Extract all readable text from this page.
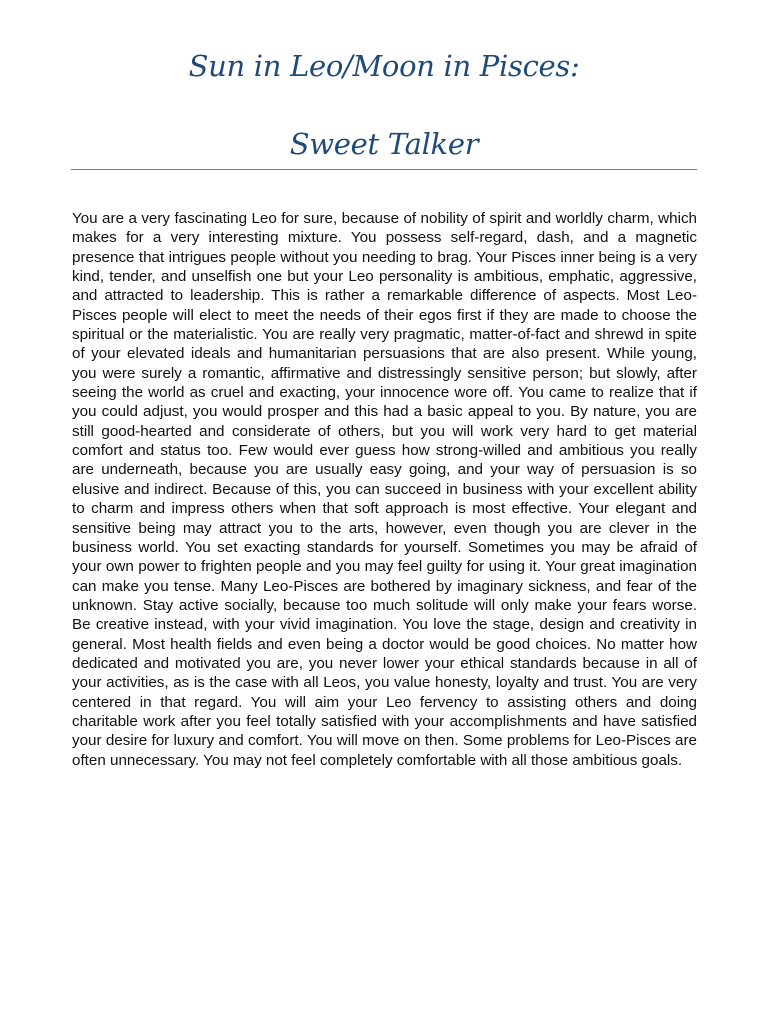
Sun in Leo/Moon in Pisces:

Sweet Talker

You are a very fascinating Leo for sure, because of nobility of spirit and worldly charm, which makes for a very interesting mixture. You possess self-regard, dash, and a magnetic presence that intrigues people without you needing to brag. Your Pisces inner being is a very kind, tender, and unselfish one but your Leo personality is ambitious, emphatic, aggressive, and attracted to leadership. This is rather a remarkable difference of aspects. Most Leo-Pisces people will elect to meet the needs of their egos first if they are made to choose the spiritual or the materialistic. You are really very pragmatic, matter-of-fact and shrewd in spite of your elevated ideals and humanitarian persuasions that are also present. While young, you were surely a romantic, affirmative and distressingly sensitive person; but slowly, after seeing the world as cruel and exacting, your innocence wore off. You came to realize that if you could adjust, you would prosper and this had a basic appeal to you. By nature, you are still good-hearted and considerate of others, but you will work very hard to get material comfort and status too. Few would ever guess how strong-willed and ambitious you really are underneath, because you are usually easy going, and your way of persuasion is so elusive and indirect. Because of this, you can succeed in business with your excellent ability to charm and impress others when that soft approach is most effective. Your elegant and sensitive being may attract you to the arts, however, even though you are clever in the business world. You set exacting standards for yourself. Sometimes you may be afraid of your own power to frighten people and you may feel guilty for using it. Your great imagination can make you tense. Many Leo-Pisces are bothered by imaginary sickness, and fear of the unknown. Stay active socially, because too much solitude will only make your fears worse. Be creative instead, with your vivid imagination. You love the stage, design and creativity in general. Most health fields and even being a doctor would be good choices. No matter how dedicated and motivated you are, you never lower your ethical standards because in all of your activities, as is the case with all Leos, you value honesty, loyalty and trust. You are very centered in that regard. You will aim your Leo fervency to assisting others and doing charitable work after you feel totally satisfied with your accomplishments and have satisfied your desire for luxury and comfort. You will move on then. Some problems for Leo-Pisces are often unnecessary. You may not feel completely comfortable with all those ambitious goals.
